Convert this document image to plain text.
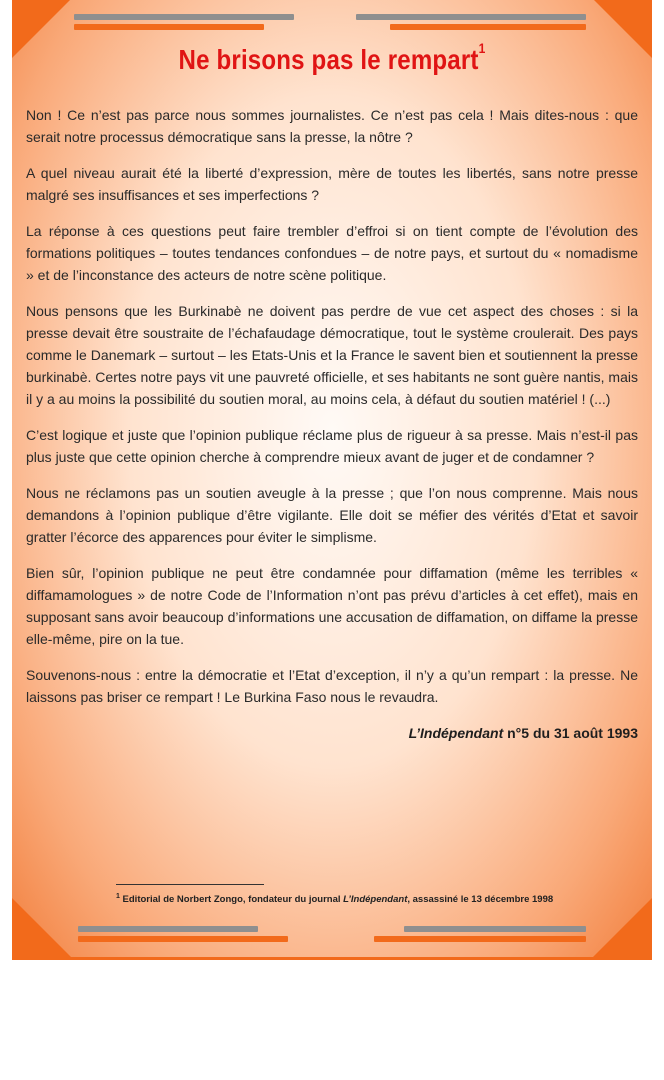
Ne brisons pas le rempart$^1$

Non ! Ce n’est pas parce nous sommes journalistes. Ce n’est pas cela ! Mais dites-nous : que serait notre processus démocratique sans la presse, la nôtre ?

A quel niveau aurait été la liberté d’expression, mère de toutes les libertés, sans notre presse malgré ses insuffisances et ses imperfections ?

La réponse à ces questions peut faire trembler d’effroi si on tient compte de l’évolution des formations politiques – toutes tendances confondues – de notre pays, et surtout du « nomadisme » et de l’inconstance des acteurs de notre scène politique.

Nous pensons que les Burkinabè ne doivent pas perdre de vue cet aspect des choses : si la presse devait être soustraite de l’échafaudage démocratique, tout le système croulerait. Des pays comme le Danemark – surtout – les Etats-Unis et la France le savent bien et soutiennent la presse burkinabè. Certes notre pays vit une pauvreté officielle, et ses habitants ne sont guère nantis, mais il y a au moins la possibilité du soutien moral, au moins cela, à défaut du soutien matériel ! (...)

C’est logique et juste que l’opinion publique réclame plus de rigueur à sa presse. Mais n’est-il pas plus juste que cette opinion cherche à comprendre mieux avant de juger et de condamner ?

Nous ne réclamons pas un soutien aveugle à la presse ; que l’on nous comprenne. Mais nous demandons à l’opinion publique d’être vigilante. Elle doit se méfier des vérités d’Etat et savoir gratter l’écorce des apparences pour éviter le simplisme.

Bien sûr, l’opinion publique ne peut être condamnée pour diffamation (même les terribles « diffamamologues » de notre Code de l’Information n’ont pas prévu d’articles à cet effet), mais en supposant sans avoir beaucoup d’informations une accusation de diffamation, on diffame la presse elle-même, pire on la tue.

Souvenons-nous : entre la démocratie et l’Etat d’exception, il n’y a qu’un rempart : la presse. Ne laissons pas briser ce rempart ! Le Burkina Faso nous le revaudra.

L’Indépendant n°5 du 31 août 1993
$^1$ Editorial de Norbert Zongo, fondateur du journal L’Indépendant, assassiné le 13 décembre 1998
